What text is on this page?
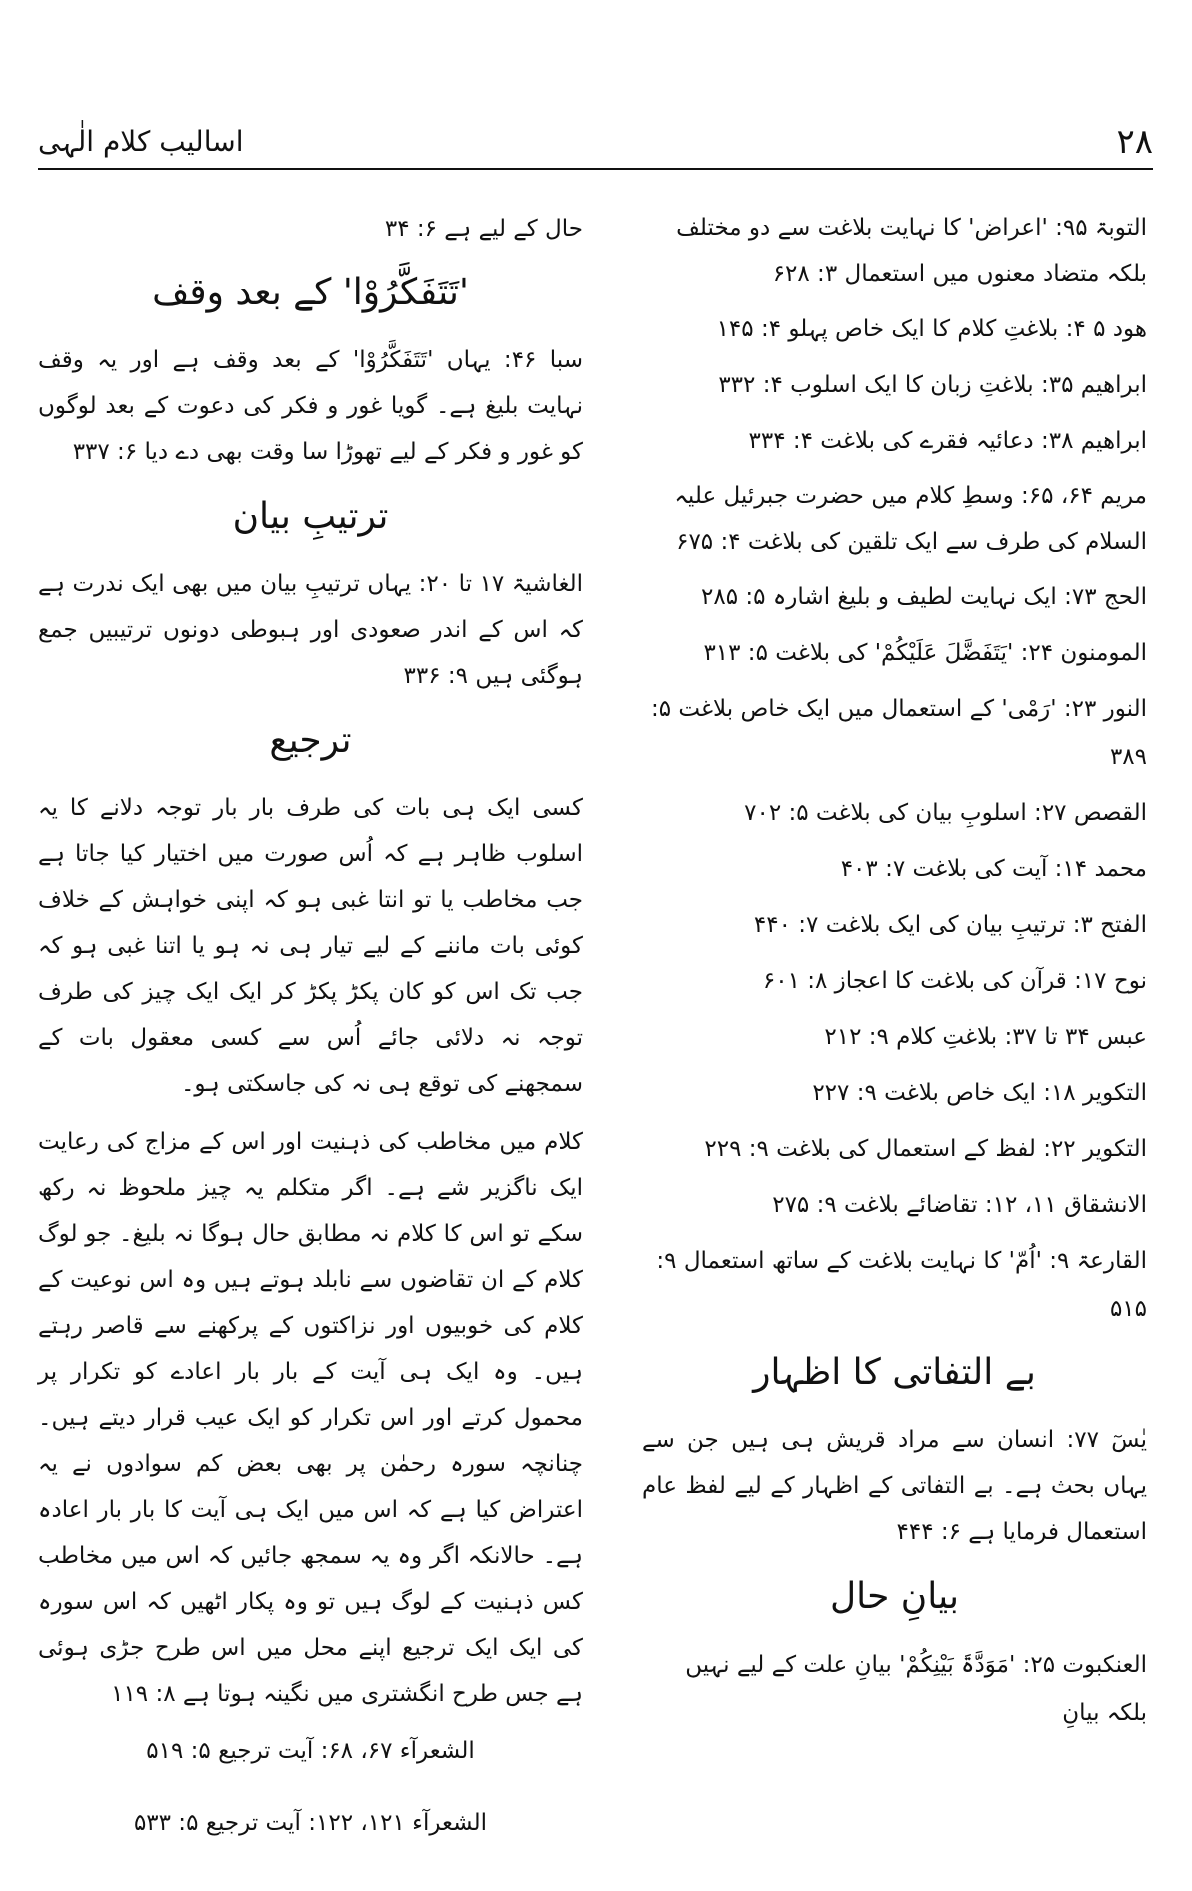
۲۸
اسالیب کلام الٰہی
التوبۃ ۹۵: 'اعراض' کا نہایت بلاغت سے دو مختلف بلکہ متضاد معنوں میں استعمال ۳: ۶۲۸
ھود ۵ ۴: بلاغتِ کلام کا ایک خاص پہلو ۴: ۱۴۵
ابراھیم ۳۵: بلاغتِ زبان کا ایک اسلوب ۴: ۳۳۲
ابراھیم ۳۸: دعائیہ فقرے کی بلاغت ۴: ۳۳۴
مریم ۶۴، ۶۵: وسطِ کلام میں حضرت جبرئیل علیہ السلام کی طرف سے ایک تلقین کی بلاغت ۴: ۶۷۵
الحج ۷۳: ایک نہایت لطیف و بلیغ اشارہ ۵: ۲۸۵
المومنون ۲۴: 'یَتَفَضَّلَ عَلَیْکُمْ' کی بلاغت ۵: ۳۱۳
النور ۲۳: 'رَمْی' کے استعمال میں ایک خاص بلاغت ۵: ۳۸۹
القصص ۲۷: اسلوبِ بیان کی بلاغت ۵: ۷۰۲
محمد ۱۴: آیت کی بلاغت ۷: ۴۰۳
الفتح ۳: ترتیبِ بیان کی ایک بلاغت ۷: ۴۴۰
نوح ۱۷: قرآن کی بلاغت کا اعجاز ۸: ۶۰۱
عبس ۳۴ تا ۳۷: بلاغتِ کلام ۹: ۲۱۲
التکویر ۱۸: ایک خاص بلاغت ۹: ۲۲۷
التکویر ۲۲: لفظ کے استعمال کی بلاغت ۹: ۲۲۹
الانشقاق ۱۱، ۱۲: تقاضائے بلاغت ۹: ۲۷۵
القارعۃ ۹: 'اُمّ' کا نہایت بلاغت کے ساتھ استعمال ۹: ۵۱۵
بے التفاتی کا اظہار
یٰسٓ ۷۷: انسان سے مراد قریش ہی ہیں جن سے یہاں بحث ہے۔ بے التفاتی کے اظہار کے لیے لفظ عام استعمال فرمایا ہے ۶: ۴۴۴
بیانِ حال
العنکبوت ۲۵: 'مَوَدَّۃَ بَیْنِکُمْ' بیانِ علت کے لیے نہیں بلکہ بیانِ
حال کے لیے ہے ۶: ۳۴
'تَتَفَکَّرُوْا' کے بعد وقف
سبا ۴۶: یہاں 'تَتَفَکَّرُوْا' کے بعد وقف ہے اور یہ وقف نہایت بلیغ ہے۔ گویا غور و فکر کی دعوت کے بعد لوگوں کو غور و فکر کے لیے تھوڑا سا وقت بھی دے دیا ۶: ۳۳۷
ترتیبِ بیان
الغاشیۃ ۱۷ تا ۲۰: یہاں ترتیبِ بیان میں بھی ایک ندرت ہے کہ اس کے اندر صعودی اور ہبوطی دونوں ترتیبیں جمع ہوگئی ہیں ۹: ۳۳۶
ترجیع
کسی ایک ہی بات کی طرف بار بار توجہ دلانے کا یہ اسلوب ظاہر ہے کہ اُس صورت میں اختیار کیا جاتا ہے جب مخاطب یا تو انتا غبی ہو کہ اپنی خواہش کے خلاف کوئی بات ماننے کے لیے تیار ہی نہ ہو یا اتنا غبی ہو کہ جب تک اس کو کان پکڑ پکڑ کر ایک ایک چیز کی طرف توجہ نہ دلائی جائے اُس سے کسی معقول بات کے سمجھنے کی توقع ہی نہ کی جاسکتی ہو۔
کلام میں مخاطب کی ذہنیت اور اس کے مزاج کی رعایت ایک ناگزیر شے ہے۔ اگر متکلم یہ چیز ملحوظ نہ رکھ سکے تو اس کا کلام نہ مطابق حال ہوگا نہ بلیغ۔ جو لوگ کلام کے ان تقاضوں سے نابلد ہوتے ہیں وہ اس نوعیت کے کلام کی خوبیوں اور نزاکتوں کے پرکھنے سے قاصر رہتے ہیں۔ وہ ایک ہی آیت کے بار بار اعادے کو تکرار پر محمول کرتے اور اس تکرار کو ایک عیب قرار دیتے ہیں۔ چنانچہ سورہ رحمٰن پر بھی بعض کم سوادوں نے یہ اعتراض کیا ہے کہ اس میں ایک ہی آیت کا بار بار اعادہ ہے۔ حالانکہ اگر وہ یہ سمجھ جائیں کہ اس میں مخاطب کس ذہنیت کے لوگ ہیں تو وہ پکار اٹھیں کہ اس سورہ کی ایک ایک ترجیع اپنے محل میں اس طرح جڑی ہوئی ہے جس طرح انگشتری میں نگینہ ہوتا ہے ۸: ۱۱۹
الشعرآء ۶۷، ۶۸: آیت ترجیع ۵: ۵۱۹
الشعرآء ۱۲۱، ۱۲۲: آیت ترجیع ۵: ۵۳۳
